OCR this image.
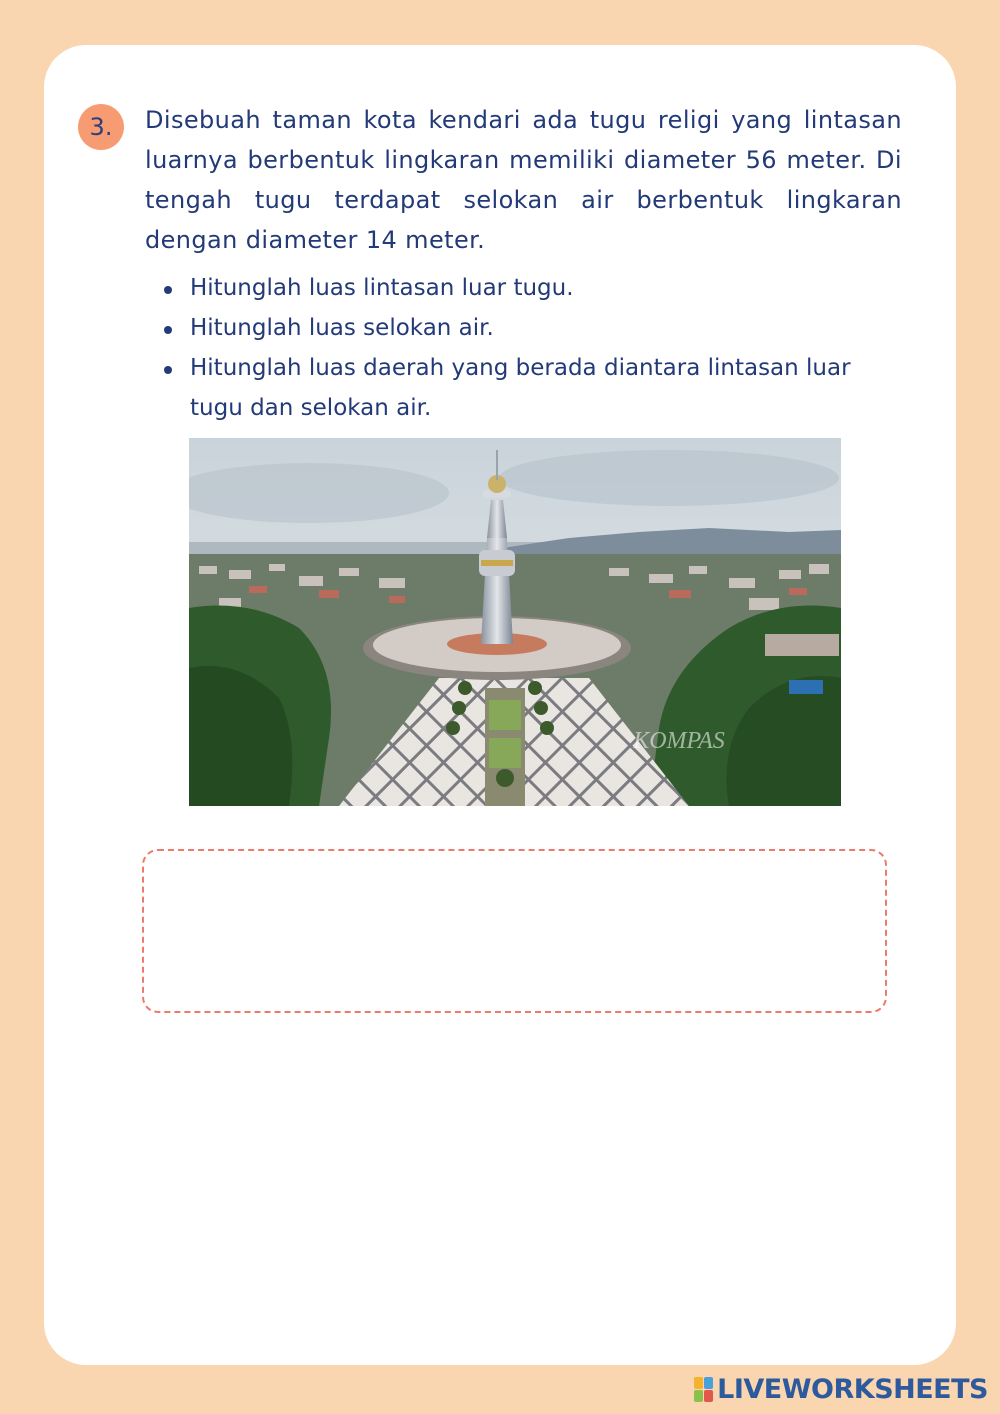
3.	Disebuah taman kota kendari ada tugu religi yang lintasan luarnya berbentuk lingkaran memiliki diameter 56 meter. Di tengah tugu terdapat selokan air berbentuk lingkaran dengan diameter 14 meter.
Hitunglah luas lintasan luar tugu.
Hitunglah luas selokan air.
Hitunglah luas daerah yang berada diantara lintasan luar tugu dan selokan air.
KOMPAS
LIVEWORKSHEETS
